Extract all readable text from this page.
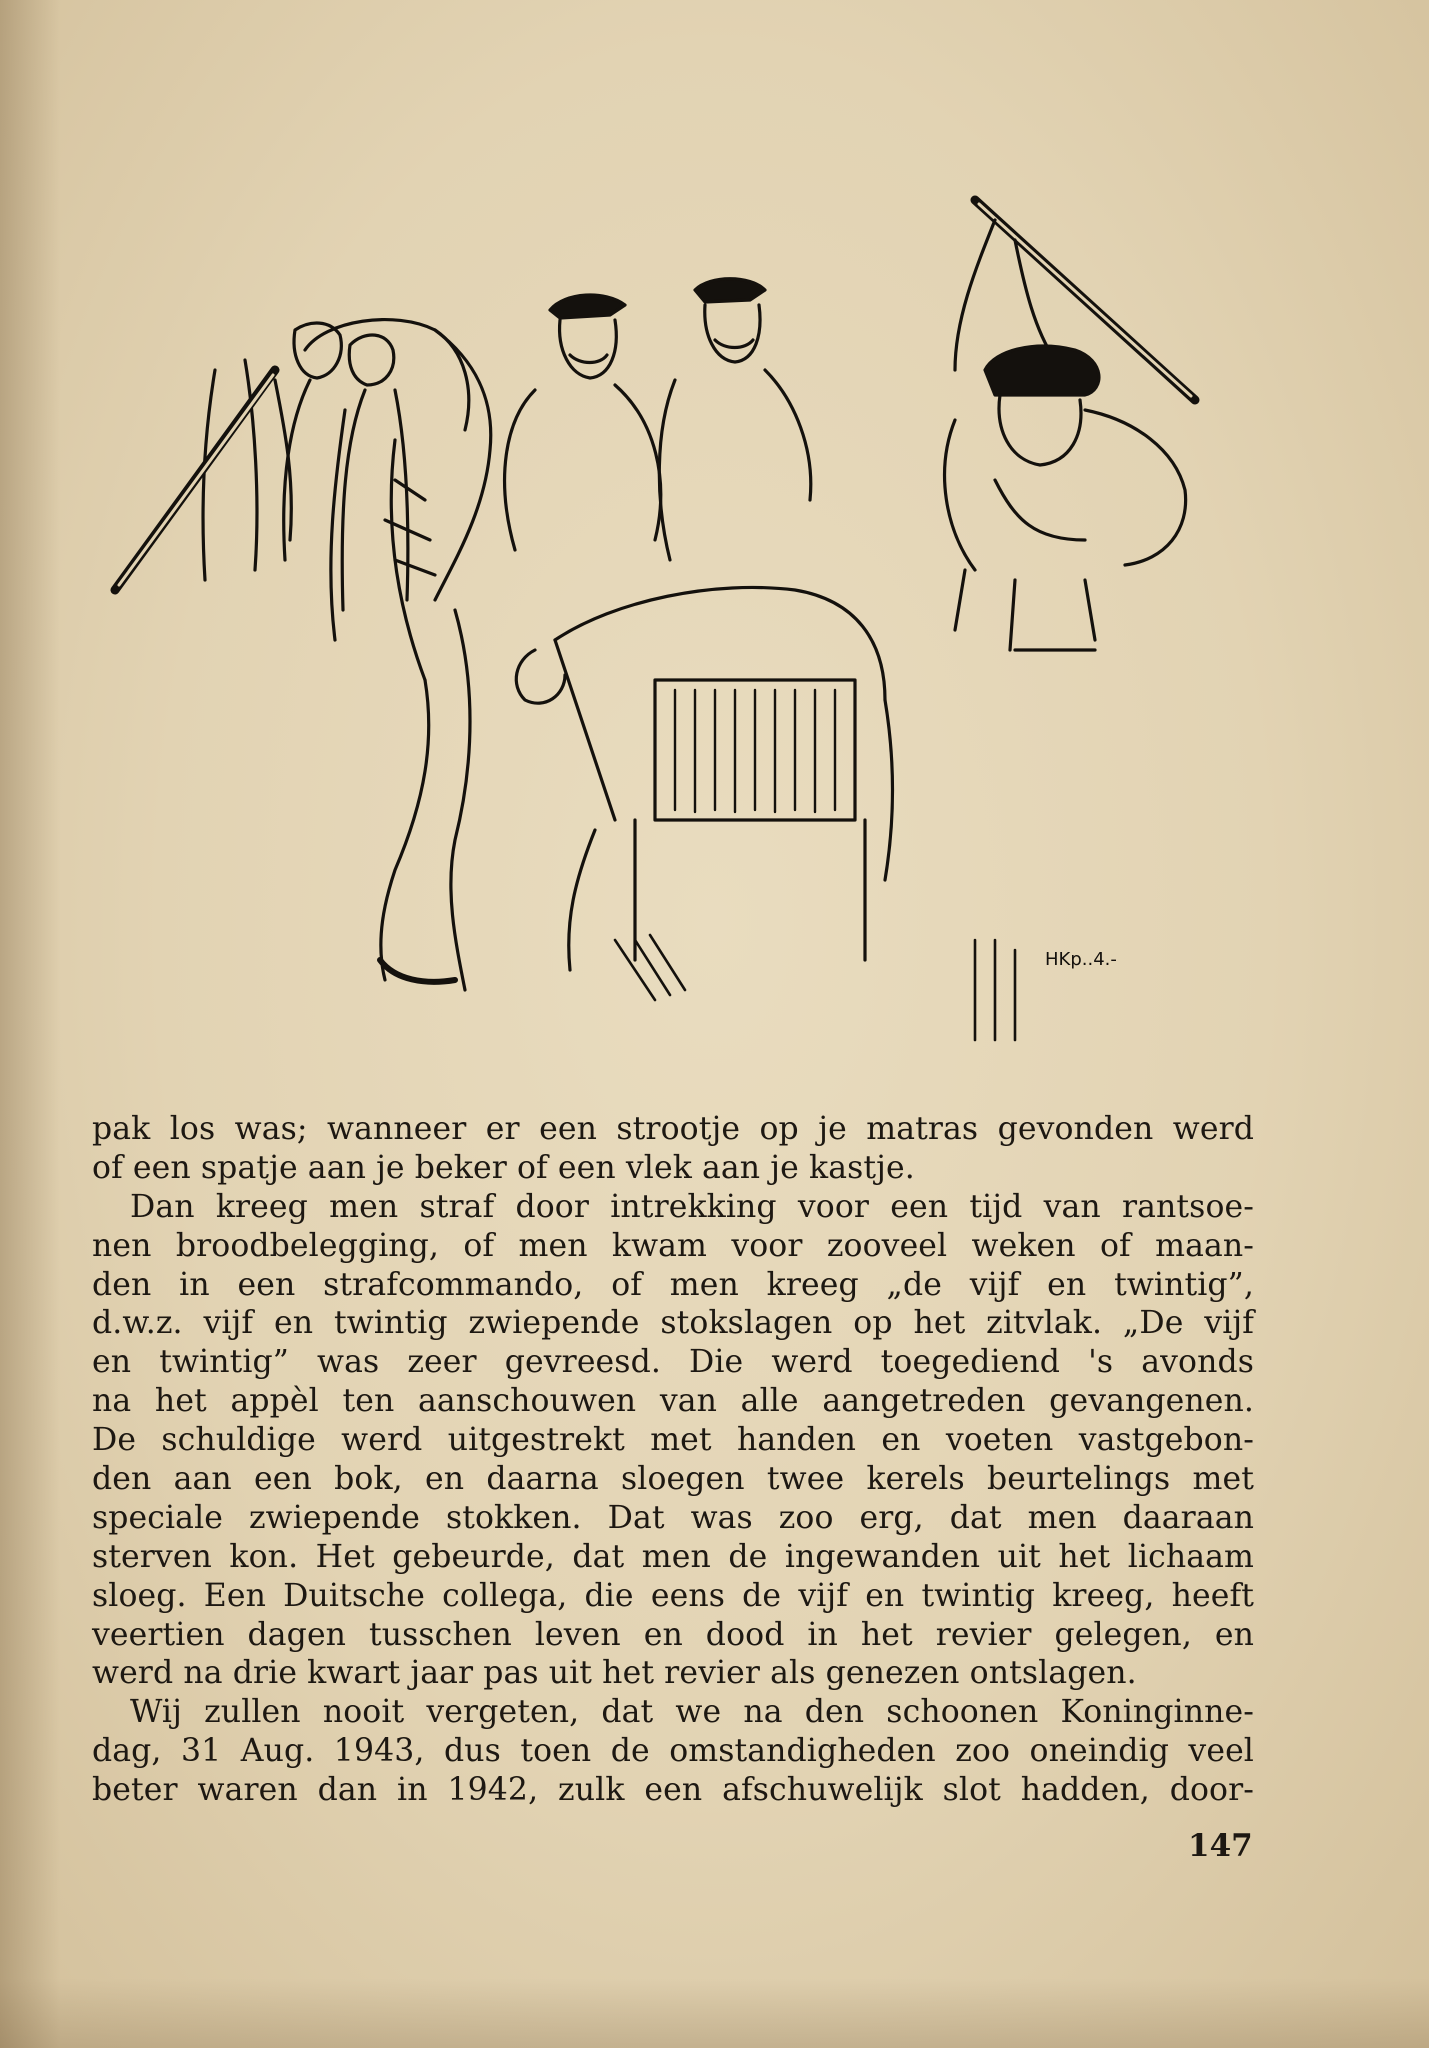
HKp..4.-
pak los was; wanneer er een strootje op je matras gevonden werd
of een spatje aan je beker of een vlek aan je kastje.
Dan kreeg men straf door intrekking voor een tijd van rantsoe-
nen broodbelegging, of men kwam voor zooveel weken of maan-
den in een strafcommando, of men kreeg „de vijf en twintig”,
d.w.z. vijf en twintig zwiepende stokslagen op het zitvlak. „De vijf
en twintig” was zeer gevreesd. Die werd toegediend 's avonds
na het appèl ten aanschouwen van alle aangetreden gevangenen.
De schuldige werd uitgestrekt met handen en voeten vastgebon-
den aan een bok, en daarna sloegen twee kerels beurtelings met
speciale zwiepende stokken. Dat was zoo erg, dat men daaraan
sterven kon. Het gebeurde, dat men de ingewanden uit het lichaam
sloeg. Een Duitsche collega, die eens de vijf en twintig kreeg, heeft
veertien dagen tusschen leven en dood in het revier gelegen, en
werd na drie kwart jaar pas uit het revier als genezen ontslagen.
Wij zullen nooit vergeten, dat we na den schoonen Koninginne-
dag, 31 Aug. 1943, dus toen de omstandigheden zoo oneindig veel
beter waren dan in 1942, zulk een afschuwelijk slot hadden, door-
147
